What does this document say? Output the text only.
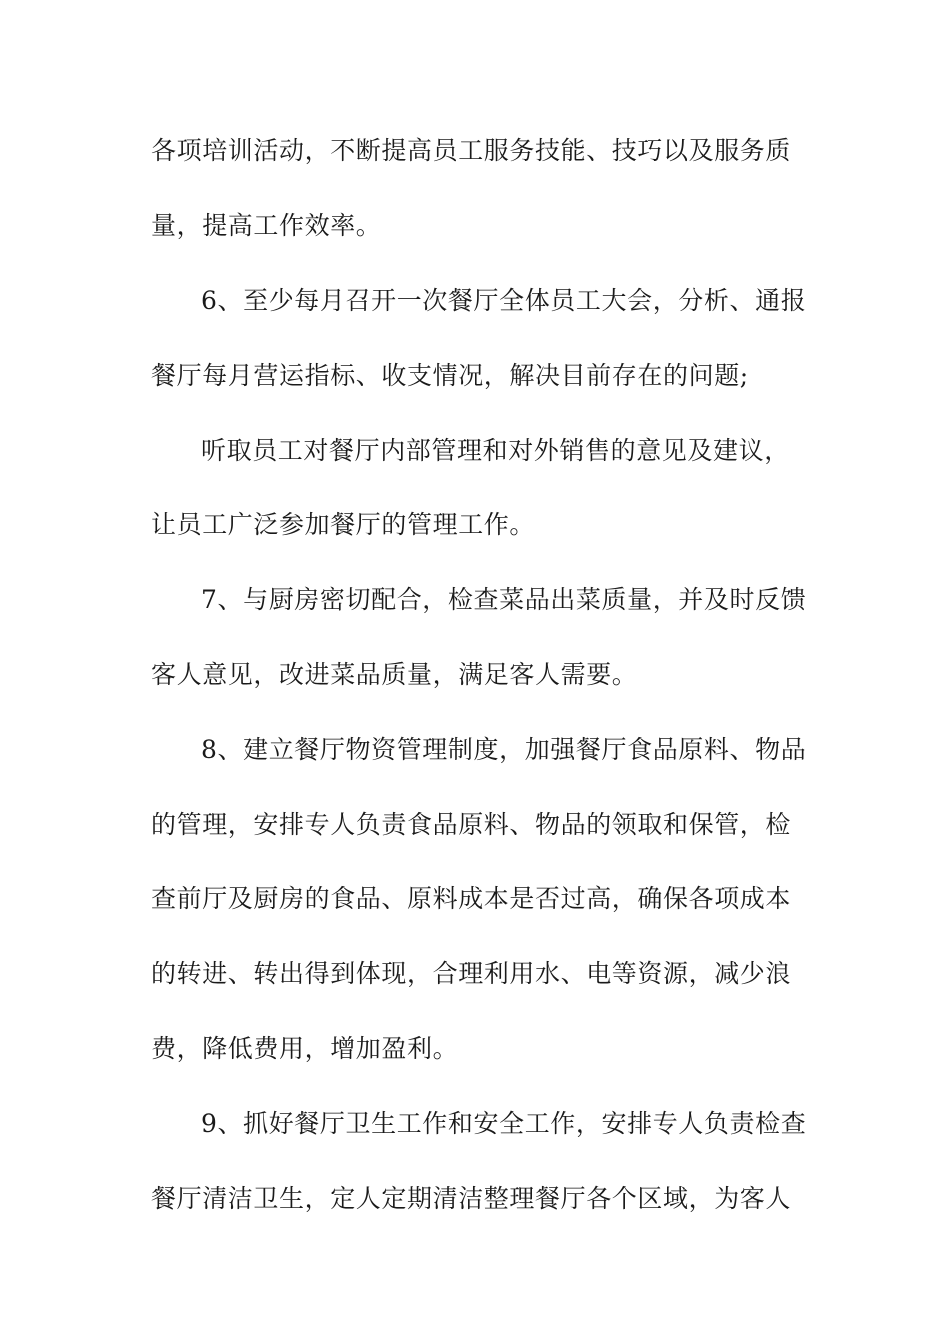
各项培训活动，不断提高员工服务技能、技巧以及服务质
量，提高工作效率。
6、至少每月召开一次餐厅全体员工大会，分析、通报
餐厅每月营运指标、收支情况，解决目前存在的问题;
听取员工对餐厅内部管理和对外销售的意见及建议，
让员工广泛参加餐厅的管理工作。
7、与厨房密切配合，检查菜品出菜质量，并及时反馈
客人意见，改进菜品质量，满足客人需要。
8、建立餐厅物资管理制度，加强餐厅食品原料、物品
的管理，安排专人负责食品原料、物品的领取和保管，检
查前厅及厨房的食品、原料成本是否过高，确保各项成本
的转进、转出得到体现，合理利用水、电等资源，减少浪
费，降低费用，增加盈利。
9、抓好餐厅卫生工作和安全工作，安排专人负责检查
餐厅清洁卫生，定人定期清洁整理餐厅各个区域，为客人
